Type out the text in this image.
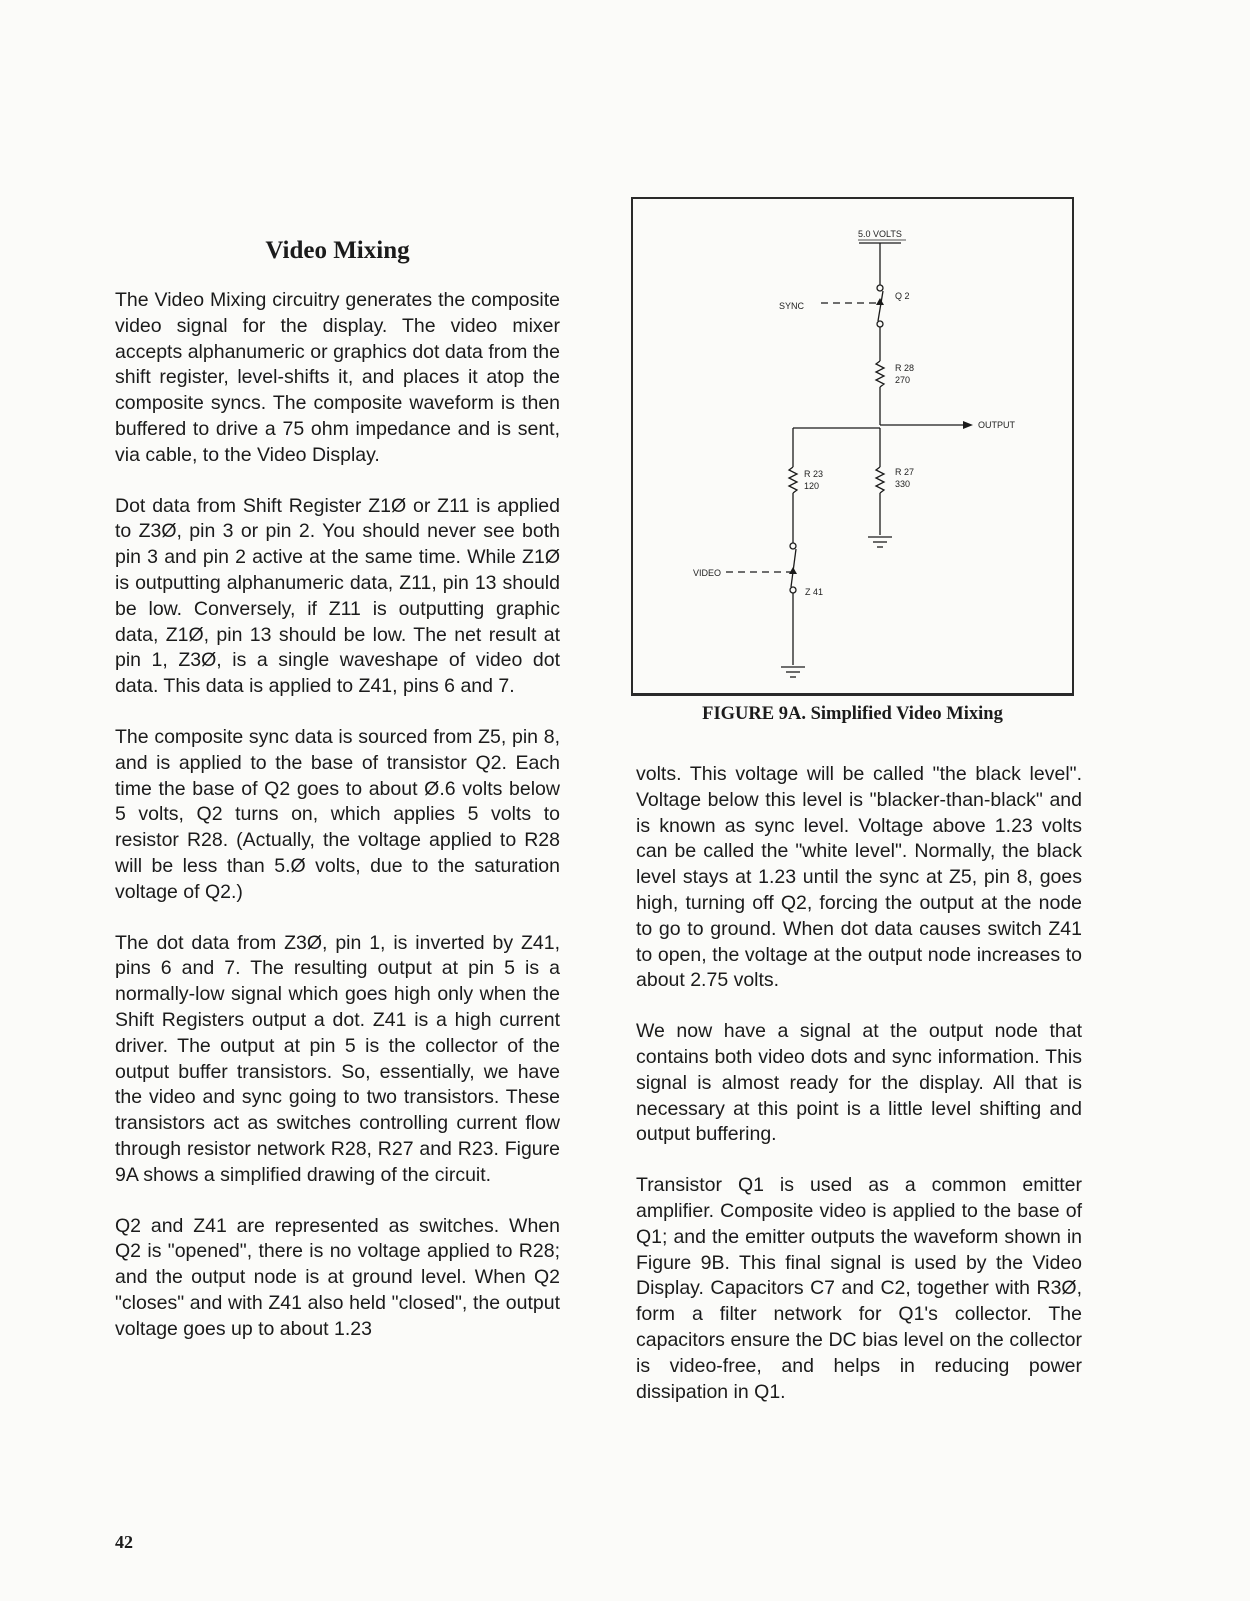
Video Mixing

The Video Mixing circuitry generates the composite video signal for the display. The video mixer accepts alphanumeric or graphics dot data from the shift register, level-shifts it, and places it atop the composite syncs. The composite waveform is then buffered to drive a 75 ohm impedance and is sent, via cable, to the Video Display.

Dot data from Shift Register Z1Ø or Z11 is applied to Z3Ø, pin 3 or pin 2. You should never see both pin 3 and pin 2 active at the same time. While Z1Ø is outputting alphanumeric data, Z11, pin 13 should be low. Conversely, if Z11 is outputting graphic data, Z1Ø, pin 13 should be low. The net result at pin 1, Z3Ø, is a single waveshape of video dot data. This data is applied to Z41, pins 6 and 7.

The composite sync data is sourced from Z5, pin 8, and is applied to the base of transistor Q2. Each time the base of Q2 goes to about Ø.6 volts below 5 volts, Q2 turns on, which applies 5 volts to resistor R28. (Actually, the voltage applied to R28 will be less than 5.Ø volts, due to the saturation voltage of Q2.)

The dot data from Z3Ø, pin 1, is inverted by Z41, pins 6 and 7. The resulting output at pin 5 is a normally-low signal which goes high only when the Shift Registers output a dot. Z41 is a high current driver. The output at pin 5 is the collector of the output buffer transistors. So, essentially, we have the video and sync going to two transistors. These transistors act as switches controlling current flow through resistor network R28, R27 and R23. Figure 9A shows a simplified drawing of the circuit.

Q2 and Z41 are represented as switches. When Q2 is "opened", there is no voltage applied to R28; and the output node is at ground level. When Q2 "closes" and with Z41 also held "closed", the output voltage goes up to about 1.23

5.0 VOLTS
Q 2
SYNC
R 28
270
OUTPUT
R 23
120
R 27
330
VIDEO
Z 41
FIGURE 9A. Simplified Video Mixing

volts. This voltage will be called "the black level". Voltage below this level is "blacker-than-black" and is known as sync level. Voltage above 1.23 volts can be called the "white level". Normally, the black level stays at 1.23 until the sync at Z5, pin 8, goes high, turning off Q2, forcing the output at the node to go to ground. When dot data causes switch Z41 to open, the voltage at the output node increases to about 2.75 volts.

We now have a signal at the output node that contains both video dots and sync information. This signal is almost ready for the display. All that is necessary at this point is a little level shifting and output buffering.

Transistor Q1 is used as a common emitter amplifier. Composite video is applied to the base of Q1; and the emitter outputs the waveform shown in Figure 9B. This final signal is used by the Video Display. Capacitors C7 and C2, together with R3Ø, form a filter network for Q1's collector. The capacitors ensure the DC bias level on the collector is video-free, and helps in reducing power dissipation in Q1.

42
